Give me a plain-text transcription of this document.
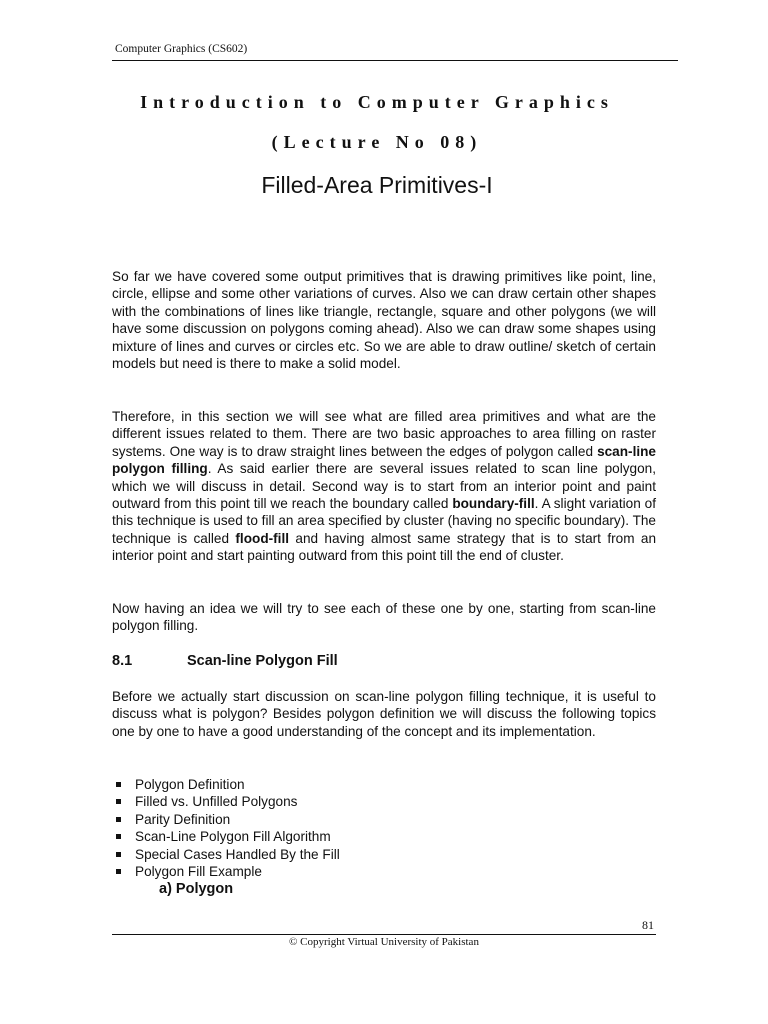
Computer Graphics (CS602)
Introduction to Computer Graphics
(Lecture No 08)
Filled-Area Primitives-I

So far we have covered some output primitives that is drawing primitives like point, line, circle, ellipse and some other variations of curves. Also we can draw certain other shapes with the combinations of lines like triangle, rectangle, square and other polygons (we will have some discussion on polygons coming ahead). Also we can draw some shapes using mixture of lines and curves or circles etc. So we are able to draw outline/ sketch of certain models but need is there to make a solid model.

Therefore, in this section we will see what are filled area primitives and what are the different issues related to them. There are two basic approaches to area filling on raster systems. One way is to draw straight lines between the edges of polygon called scan-line polygon filling. As said earlier there are several issues related to scan line polygon, which we will discuss in detail. Second way is to start from an interior point and paint outward from this point till we reach the boundary called boundary-fill. A slight variation of this technique is used to fill an area specified by cluster (having no specific boundary). The technique is called flood-fill and having almost same strategy that is to start from an interior point and start painting outward from this point till the end of cluster.

Now having an idea we will try to see each of these one by one, starting from scan-line polygon filling.

8.1	Scan-line Polygon Fill

Before we actually start discussion on scan-line polygon filling technique, it is useful to discuss what is polygon? Besides polygon definition we will discuss the following topics one by one to have a good understanding of the concept and its implementation.

Polygon Definition
Filled vs. Unfilled Polygons
Parity Definition
Scan-Line Polygon Fill Algorithm
Special Cases Handled By the Fill
Polygon Fill Example
a) Polygon
81
© Copyright Virtual University of Pakistan
